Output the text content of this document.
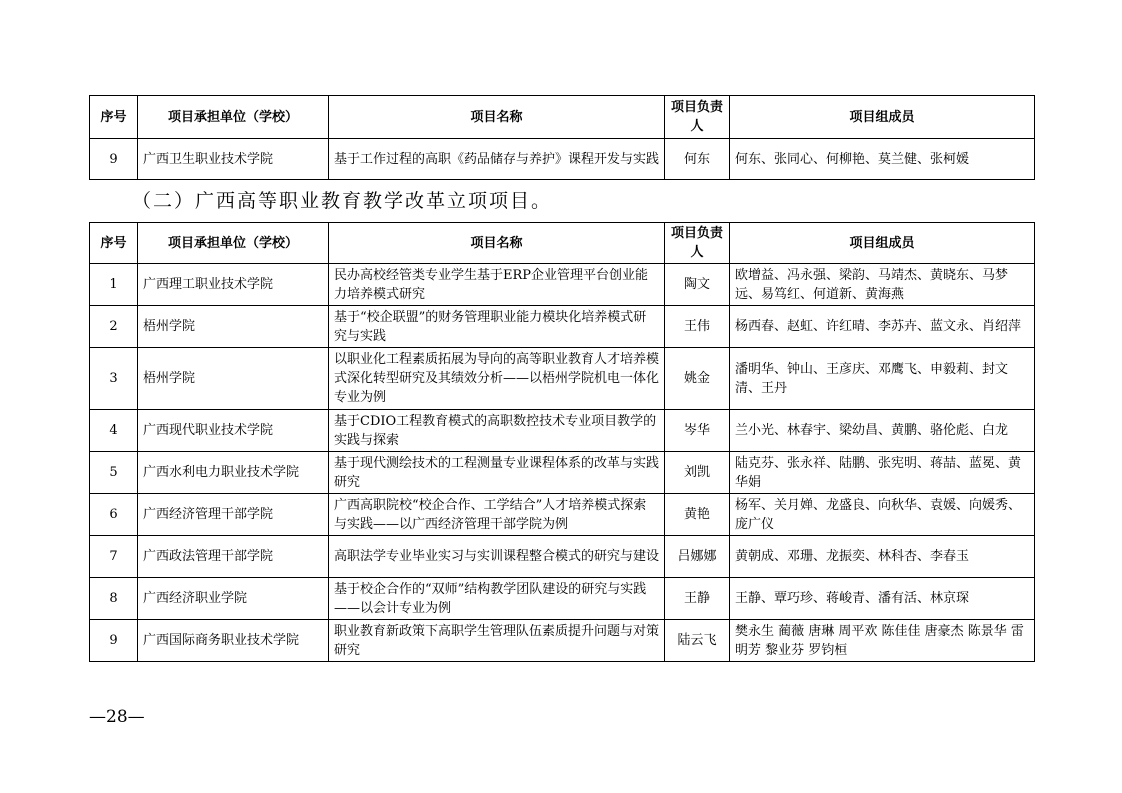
序号	项目承担单位（学校）	项目名称	项目负责人	项目组成员
9	广西卫生职业技术学院	基于工作过程的高职《药品储存与养护》课程开发与实践	何东	何东、张同心、何柳艳、莫兰健、张柯媛
（二）广西高等职业教育教学改革立项项目。
序号	项目承担单位（学校）	项目名称	项目负责人	项目组成员
1	广西理工职业技术学院	民办高校经管类专业学生基于ERP企业管理平台创业能力培养模式研究	陶文	欧增益、冯永强、梁韵、马靖杰、黄晓东、马梦远、易笃红、何道新、黄海燕
2	梧州学院	基于“校企联盟”的财务管理职业能力模块化培养模式研究与实践	王伟	杨西春、赵虹、许红晴、李苏卉、蓝文永、肖绍萍
3	梧州学院	以职业化工程素质拓展为导向的高等职业教育人才培养模式深化转型研究及其绩效分析——以梧州学院机电一体化专业为例	姚金	潘明华、钟山、王彦庆、邓鹰飞、申毅莉、封文清、王丹
4	广西现代职业技术学院	基于CDIO工程教育模式的高职数控技术专业项目教学的实践与探索	岑华	兰小光、林春宇、梁幼昌、黄鹏、骆伦彪、白龙
5	广西水利电力职业技术学院	基于现代测绘技术的工程测量专业课程体系的改革与实践研究	刘凯	陆克芬、张永祥、陆鹏、张宪明、蒋喆、蓝冕、黄华娟
6	广西经济管理干部学院	广西高职院校“校企合作、工学结合”人才培养模式探索与实践——以广西经济管理干部学院为例	黄艳	杨军、关月婵、龙盛良、向秋华、袁媛、向媛秀、庞广仪
7	广西政法管理干部学院	高职法学专业毕业实习与实训课程整合模式的研究与建设	吕娜娜	黄朝成、邓珊、龙振奕、林科杏、李春玉
8	广西经济职业学院	基于校企合作的“双师”结构教学团队建设的研究与实践——以会计专业为例	王静	王静、覃巧珍、蒋峻青、潘有活、林京琛
9	广西国际商务职业技术学院	职业教育新政策下高职学生管理队伍素质提升问题与对策研究	陆云飞	樊永生 蔺薇 唐琳 周平欢 陈佳佳 唐豪杰 陈景华 雷明芳 黎业芬 罗钧桓
—28—
